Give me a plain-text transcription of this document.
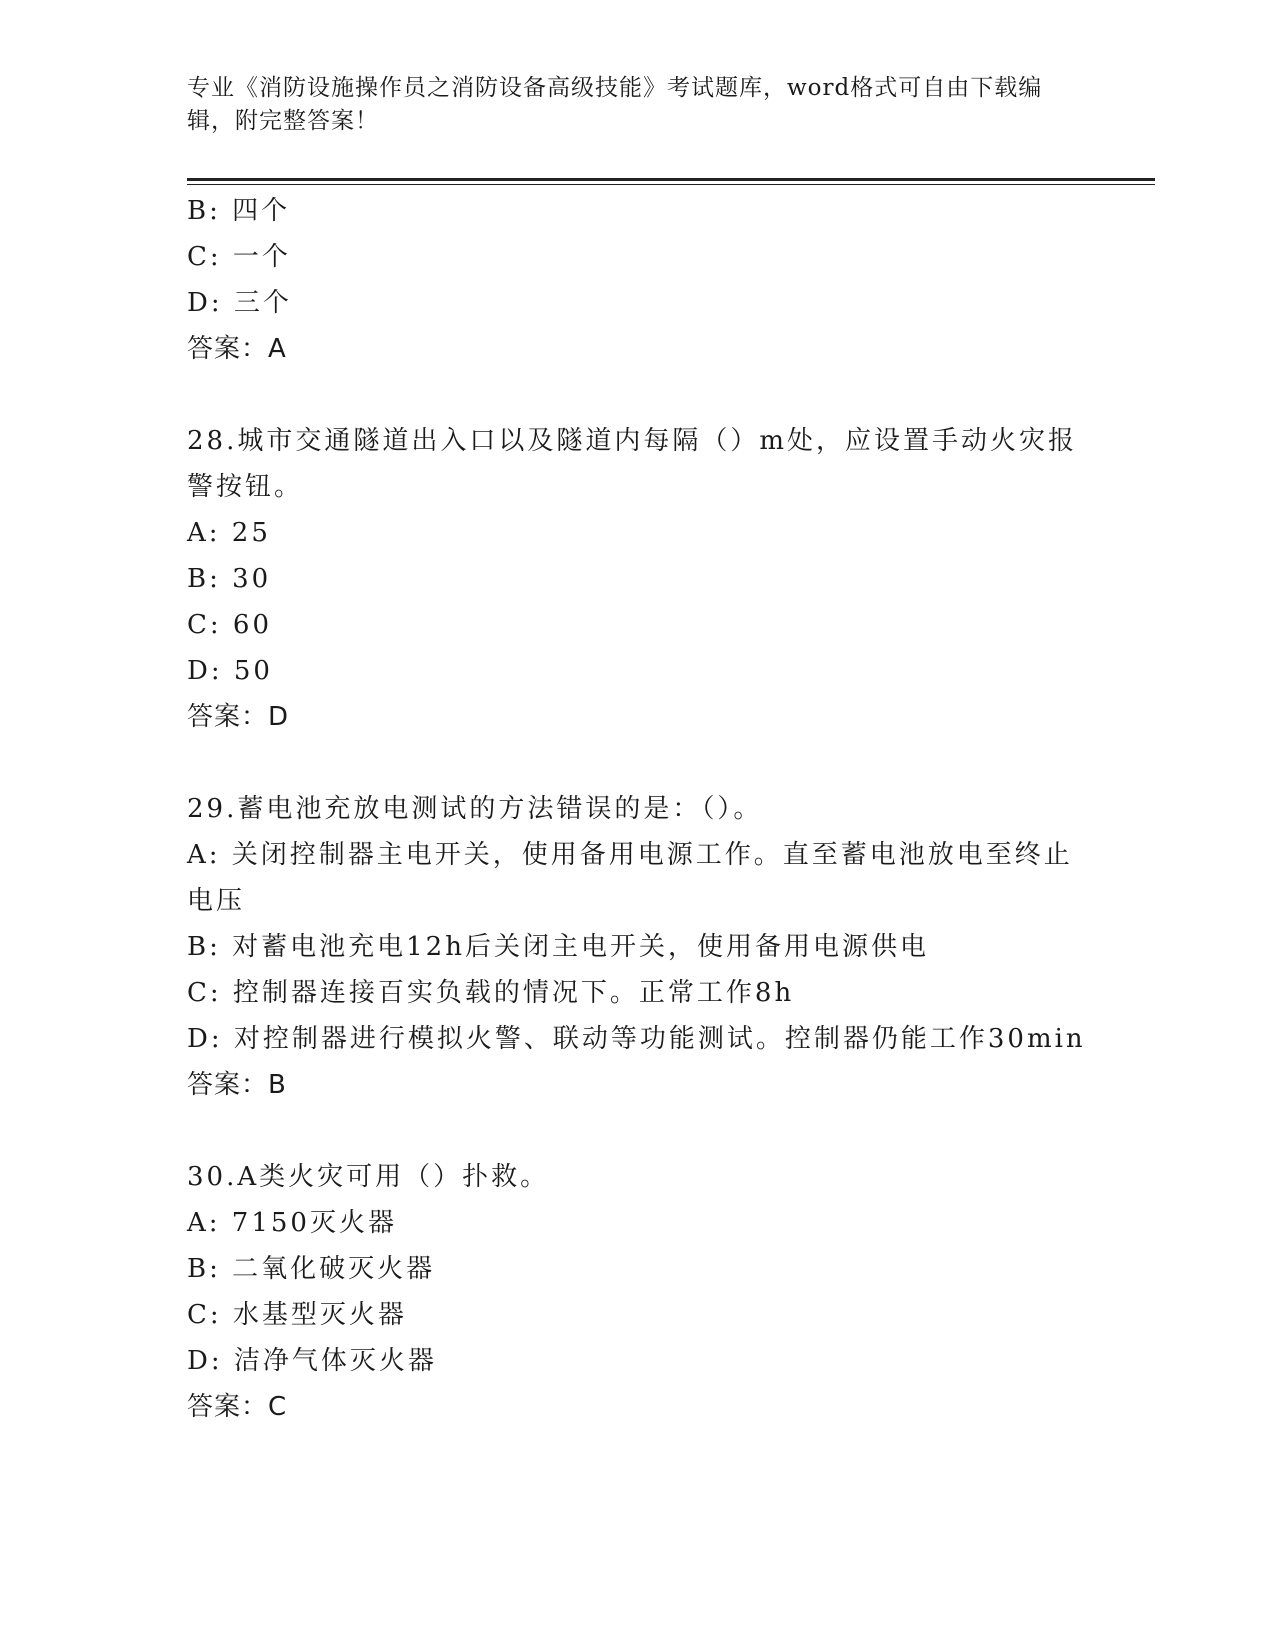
专业《消防设施操作员之消防设备高级技能》考试题库，word格式可自由下载编辑，附完整答案！
B: 四个
C: 一个
D: 三个
答案：A
28.城市交通隧道出入口以及隧道内每隔（）m处，应设置手动火灾报警按钮。
A: 25
B: 30
C: 60
D: 50
答案：D
29.蓄电池充放电测试的方法错误的是：（）。
A: 关闭控制器主电开关，使用备用电源工作。直至蓄电池放电至终止电压
B: 对蓄电池充电12h后关闭主电开关，使用备用电源供电
C: 控制器连接百实负载的情况下。正常工作8h
D: 对控制器进行模拟火警、联动等功能测试。控制器仍能工作30min
答案：B
30.A类火灾可用（）扑救。
A: 7150灭火器
B: 二氧化破灭火器
C: 水基型灭火器
D: 洁净气体灭火器
答案：C
